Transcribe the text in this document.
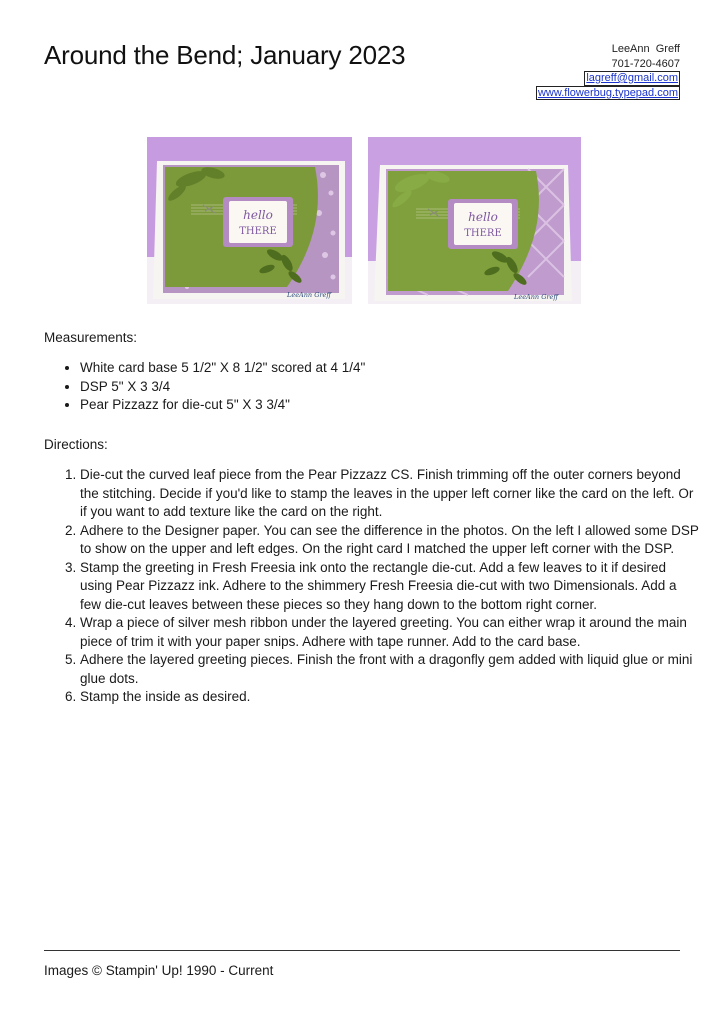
Around the Bend; January 2023	LeeAnn  Greff
701-720-4607
lagreff@gmail.com
www.flowerbug.typepad.com
hello
THERE
LeeAnn Greff
hello
THERE
LeeAnn Greff

Measurements:

• White card base 5 1/2" X 8 1/2" scored at 4 1/4"
• DSP 5" X 3 3/4
• Pear Pizzazz for die-cut 5" X 3 3/4"

Directions:

1. Die-cut the curved leaf piece from the Pear Pizzazz CS. Finish trimming off the outer corners beyond the stitching. Decide if you'd like to stamp the leaves in the upper left corner like the card on the left. Or if you want to add texture like the card on the right.
2. Adhere to the Designer paper. You can see the difference in the photos. On the left I allowed some DSP to show on the upper and left edges. On the right card I matched the upper left corner with the DSP.
3. Stamp the greeting in Fresh Freesia ink onto the rectangle die-cut. Add a few leaves to it if desired using Pear Pizzazz ink. Adhere to the shimmery Fresh Freesia die-cut with two Dimensionals. Add a few die-cut leaves between these pieces so they hang down to the bottom right corner.
4. Wrap a piece of silver mesh ribbon under the layered greeting. You can either wrap it around the main piece of trim it with your paper snips. Adhere with tape runner. Add to the card base.
5. Adhere the layered greeting pieces. Finish the front with a dragonfly gem added with liquid glue or mini glue dots.
6. Stamp the inside as desired.

Images © Stampin' Up! 1990 - Current
